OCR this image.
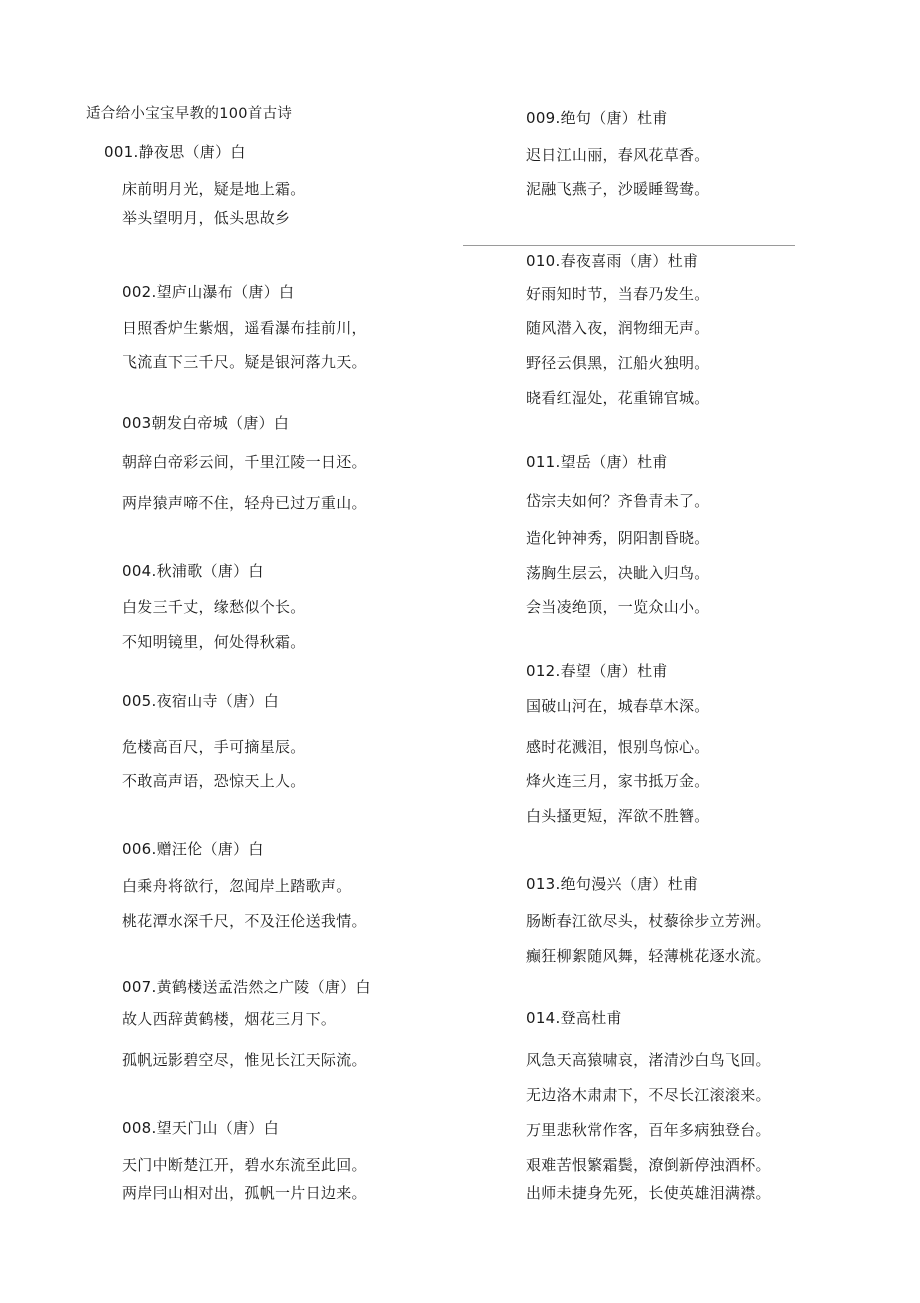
适合给小宝宝早教的100首古诗
001.静夜思（唐）白
床前明月光，疑是地上霜。
举头望明月，低头思故乡
002.望庐山瀑布（唐）白
日照香炉生紫烟，遥看瀑布挂前川，
飞流直下三千尺。疑是银河落九天。
003朝发白帝城（唐）白
朝辞白帝彩云间，千里江陵一日还。
两岸猿声啼不住，轻舟已过万重山。
004.秋浦歌（唐）白
白发三千丈，缘愁似个长。
不知明镜里，何处得秋霜。
005.夜宿山寺（唐）白
危楼高百尺，手可摘星辰。
不敢高声语，恐惊天上人。
006.赠汪伦（唐）白
白乘舟将欲行，忽闻岸上踏歌声。
桃花潭水深千尺，不及汪伦送我情。
007.黄鹤楼送孟浩然之广陵（唐）白
故人西辞黄鹤楼，烟花三月下。
孤帆远影碧空尽，惟见长江天际流。
008.望天门山（唐）白
天门中断楚江开，碧水东流至此回。
两岸冃山相对出，孤帆一片日边来。
009.绝句（唐）杜甫
迟日江山丽，春风花草香。
泥融飞燕子，沙暖睡鸳鸯。
010.春夜喜雨（唐）杜甫
好雨知时节，当春乃发生。
随风潜入夜，润物细无声。
野径云俱黑，江船火独明。
晓看红湿处，花重锦官城。
011.望岳（唐）杜甫
岱宗夫如何？齐鲁青未了。
造化钟神秀，阴阳割昏晓。
荡胸生层云，决眦入归鸟。
会当凌绝顶，一览众山小。
012.春望（唐）杜甫
国破山河在，城春草木深。
感时花溅泪，恨别鸟惊心。
烽火连三月，家书抵万金。
白头搔更短，浑欲不胜簪。
013.绝句漫兴（唐）杜甫
肠断春江欲尽头，杖藜徐步立芳洲。
癫狂柳絮随风舞，轻薄桃花逐水流。
014.登高杜甫
风急天高猿啸哀，渚清沙白鸟飞回。
无边洛木肃肃下，不尽长江滚滚来。
万里悲秋常作客，百年多病独登台。
艰难苦恨繁霜鬓，潦倒新停浊酒杯。
出师未捷身先死，长使英雄泪满襟。
